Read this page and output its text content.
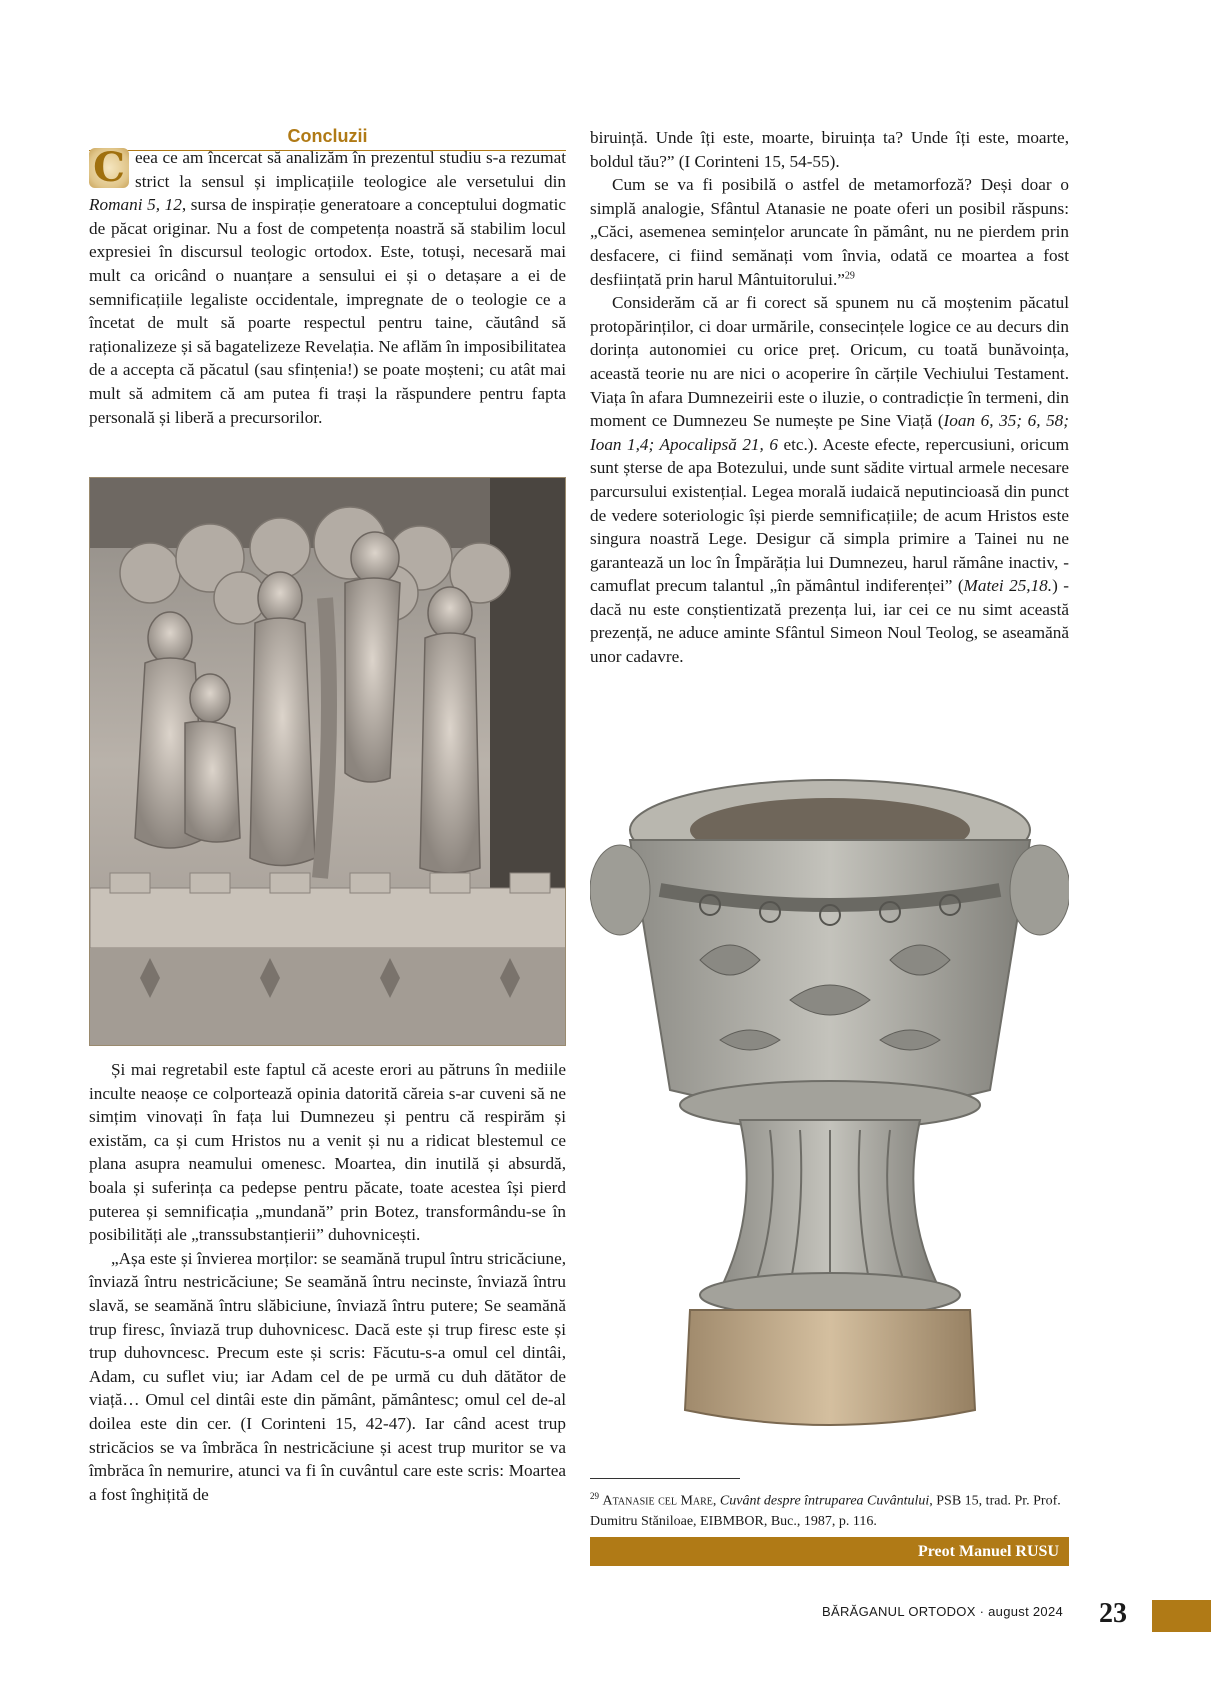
Concluzii

C eea ce am încercat să analizăm în prezentul studiu s-a rezumat strict la sensul și implicațiile teologice ale versetului din Romani 5, 12, sursa de inspirație generatoare a conceptului dogmatic de păcat originar. Nu a fost de competența noastră să stabilim locul expresiei în discursul teologic ortodox. Este, totuși, necesară mai mult ca oricând o nuanțare a sensului ei și o detașare a ei de semnificațiile legaliste occidentale, impregnate de o teologie ce a încetat de mult să poarte respectul pentru taine, căutând să raționalizeze și să bagatelizeze Revelația. Ne aflăm în imposibilitatea de a accepta că păcatul (sau sfințenia!) se poate moșteni; cu atât mai mult să admitem că am putea fi trași la răspundere pentru fapta personală și liberă a precursorilor.

Și mai regretabil este faptul că aceste erori au pătruns în mediile inculte neaoșe ce colportează opinia datorită căreia s-ar cuveni să ne simțim vinovați în fața lui Dumnezeu și pentru că respirăm și existăm, ca și cum Hristos nu a venit și nu a ridicat blestemul ce plana asupra neamului omenesc. Moartea, din inutilă și absurdă, boala și suferința ca pedepse pentru păcate, toate acestea își pierd puterea și semnificația „mundană” prin Botez, transformându-se în posibilități ale „transsubstanțierii” duhovnicești.

„Așa este și învierea morților: se seamănă trupul întru stricăciune, înviază întru nestricăciune; Se seamănă întru necinste, înviază întru slavă, se seamănă întru slăbiciune, înviază întru putere; Se seamănă trup firesc, înviază trup duhovnicesc. Dacă este și trup firesc este și trup duhovncesc. Precum este și scris: Făcutu-s-a omul cel dintâi, Adam, cu suflet viu; iar Adam cel de pe urmă cu duh dătător de viață… Omul cel dintâi este din pământ, pământesc; omul cel de-al doilea este din cer. (I Corinteni 15, 42-47). Iar când acest trup stricăcios se va îmbrăca în nestricăciune și acest trup muritor se va îmbrăca în nemurire, atunci va fi în cuvântul care este scris: Moartea a fost înghițită de

biruință. Unde îți este, moarte, biruința ta? Unde îți este, moarte, boldul tău?” (I Corinteni 15, 54-55).

Cum se va fi posibilă o astfel de metamorfoză? Deși doar o simplă analogie, Sfântul Atanasie ne poate oferi un posibil răspuns: „Căci, asemenea semințelor aruncate în pământ, nu ne pierdem prin desfacere, ci fiind semănați vom învia, odată ce moartea a fost desființată prin harul Mântuitorului.”$^{29}$

Considerăm că ar fi corect să spunem nu că moștenim păcatul protopărinților, ci doar urmările, consecințele logice ce au decurs din dorința autonomiei cu orice preț. Oricum, cu toată bunăvoința, această teorie nu are nici o acoperire în cărțile Vechiului Testament. Viața în afara Dumnezeirii este o iluzie, o contradicție în termeni, din moment ce Dumnezeu Se numește pe Sine Viață (Ioan 6, 35; 6, 58; Ioan 1,4; Apocalipsă 21, 6 etc.). Aceste efecte, repercusiuni, oricum sunt șterse de apa Botezului, unde sunt sădite virtual armele necesare parcursului existențial. Legea morală iudaică neputincioasă din punct de vedere soteriologic își pierde semnificațiile; de acum Hristos este singura noastră Lege. Desigur că simpla primire a Tainei nu ne garantează un loc în Împărăția lui Dumnezeu, harul rămâne inactiv, - camuflat precum talantul „în pământul indiferenței” (Matei 25,18.) - dacă nu este conștientizată prezența lui, iar cei ce nu simt această prezență, ne aduce aminte Sfântul Simeon Noul Teolog, se aseamănă unor cadavre.

$^{29}$ Atanasie cel Mare, Cuvânt despre întruparea Cuvântului, PSB 15, trad. Pr. Prof. Dumitru Stăniloae, EIBMBOR, Buc., 1987, p. 116.
Preot Manuel RUSU
BĂRĂGANUL ORTODOX · august 2024 23
